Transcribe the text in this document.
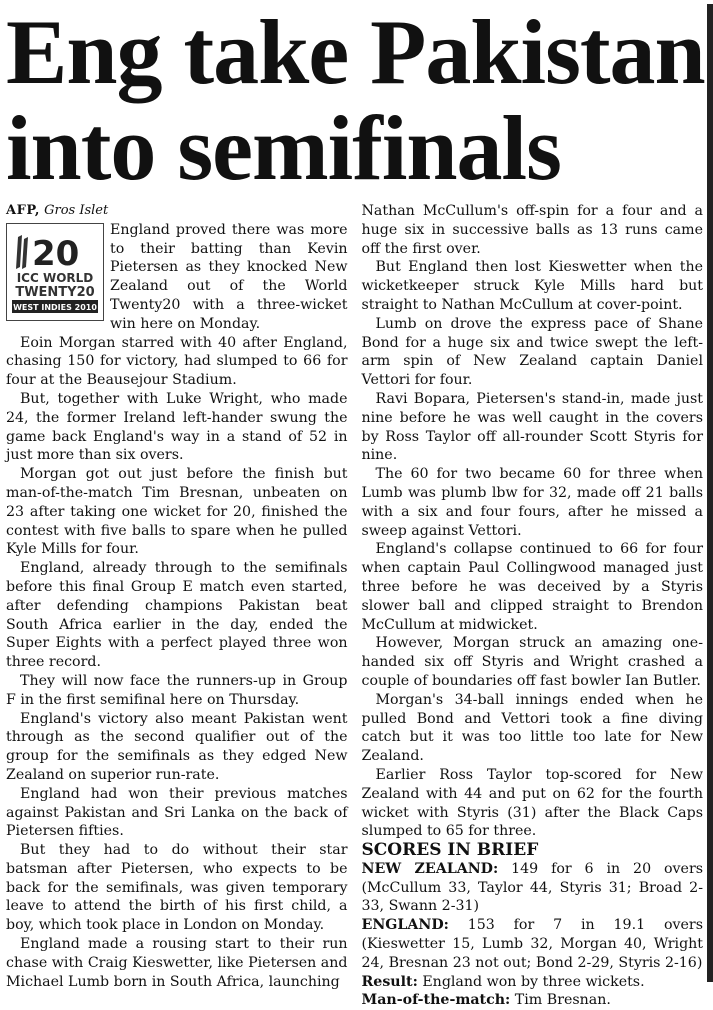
Eng take Pakistan
into semifinals

AFP, Gros Islet

20
ICC WORLD
TWENTY20
WEST INDIES 2010

England proved there was more to their batting than Kevin Pietersen as they knocked New Zealand out of the World Twenty20 with a three-wicket win here on Monday.

Eoin Morgan starred with 40 after England, chasing 150 for victory, had slumped to 66 for four at the Beausejour Stadium.

But, together with Luke Wright, who made 24, the former Ireland left-hander swung the game back England's way in a stand of 52 in just more than six overs.

Morgan got out just before the finish but man-of-the-match Tim Bresnan, unbeaten on 23 after taking one wicket for 20, finished the contest with five balls to spare when he pulled Kyle Mills for four.

England, already through to the semifinals before this final Group E match even started, after defending champions Pakistan beat South Africa earlier in the day, ended the Super Eights with a perfect played three won three record.

They will now face the runners-up in Group F in the first semifinal here on Thursday.

England's victory also meant Pakistan went through as the second qualifier out of the group for the semifinals as they edged New Zealand on superior run-rate.

England had won their previous matches against Pakistan and Sri Lanka on the back of Pietersen fifties.

But they had to do without their star batsman after Pietersen, who expects to be back for the semifinals, was given temporary leave to attend the birth of his first child, a boy, which took place in London on Monday.

England made a rousing start to their run chase with Craig Kieswetter, like Pietersen and Michael Lumb born in South Africa, launching

Nathan McCullum's off-spin for a four and a huge six in successive balls as 13 runs came off the first over.

But England then lost Kieswetter when the wicketkeeper struck Kyle Mills hard but straight to Nathan McCullum at cover-point.

Lumb on drove the express pace of Shane Bond for a huge six and twice swept the left-arm spin of New Zealand captain Daniel Vettori for four.

Ravi Bopara, Pietersen's stand-in, made just nine before he was well caught in the covers by Ross Taylor off all-rounder Scott Styris for nine.

The 60 for two became 60 for three when Lumb was plumb lbw for 32, made off 21 balls with a six and four fours, after he missed a sweep against Vettori.

England's collapse continued to 66 for four when captain Paul Collingwood managed just three before he was deceived by a Styris slower ball and clipped straight to Brendon McCullum at midwicket.

However, Morgan struck an amazing one-handed six off Styris and Wright crashed a couple of boundaries off fast bowler Ian Butler.

Morgan's 34-ball innings ended when he pulled Bond and Vettori took a fine diving catch but it was too little too late for New Zealand.

Earlier Ross Taylor top-scored for New Zealand with 44 and put on 62 for the fourth wicket with Styris (31) after the Black Caps slumped to 65 for three.

SCORES IN BRIEF

NEW ZEALAND: 149 for 6 in 20 overs (McCullum 33, Taylor 44, Styris 31; Broad 2-33, Swann 2-31)

ENGLAND: 153 for 7 in 19.1 overs (Kieswetter 15, Lumb 32, Morgan 40, Wright 24, Bresnan 23 not out; Bond 2-29, Styris 2-16)

Result: England won by three wickets.

Man-of-the-match: Tim Bresnan.
